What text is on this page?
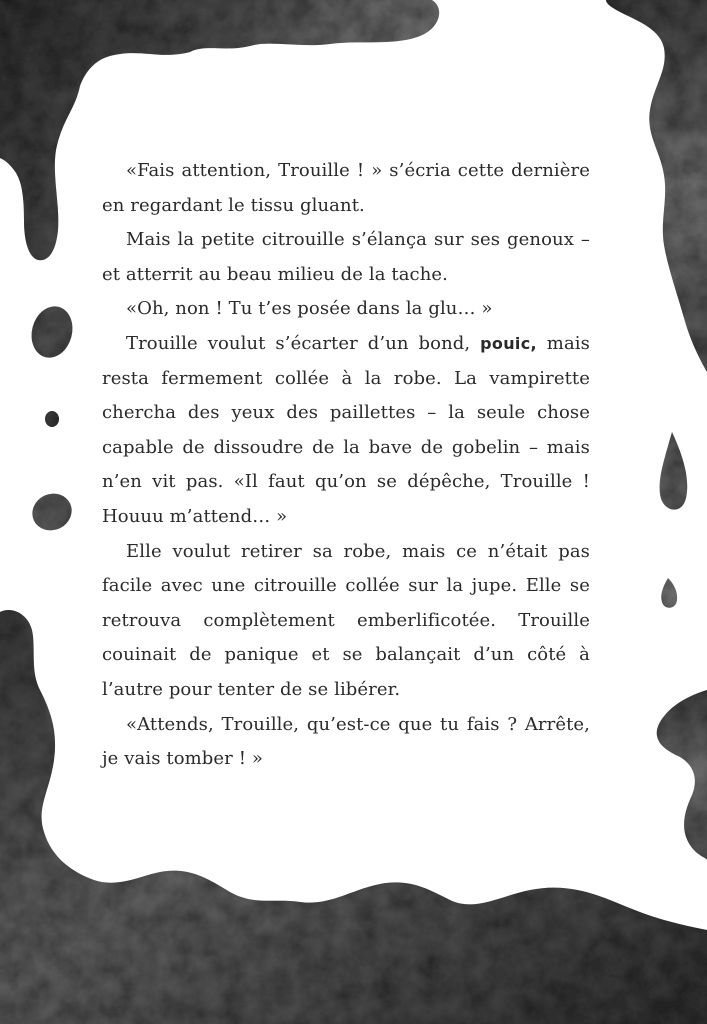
«Fais attention, Trouille ! » s’écria cette dernière en regardant le tissu gluant.

Mais la petite citrouille s’élança sur ses genoux – et atterrit au beau milieu de la tache.

«Oh, non ! Tu t’es posée dans la glu… »

Trouille voulut s’écarter d’un bond, pouic, mais resta fermement collée à la robe. La vampirette chercha des yeux des paillettes – la seule chose capable de dissoudre de la bave de gobelin – mais n’en vit pas. «Il faut qu’on se dépêche, Trouille ! Houuu m’attend… »

Elle voulut retirer sa robe, mais ce n’était pas facile avec une citrouille collée sur la jupe. Elle se retrouva complètement emberlificotée. Trouille couinait de panique et se balançait d’un côté à l’autre pour tenter de se libérer.

«Attends, Trouille, qu’est-ce que tu fais ? Arrête, je vais tomber ! »
